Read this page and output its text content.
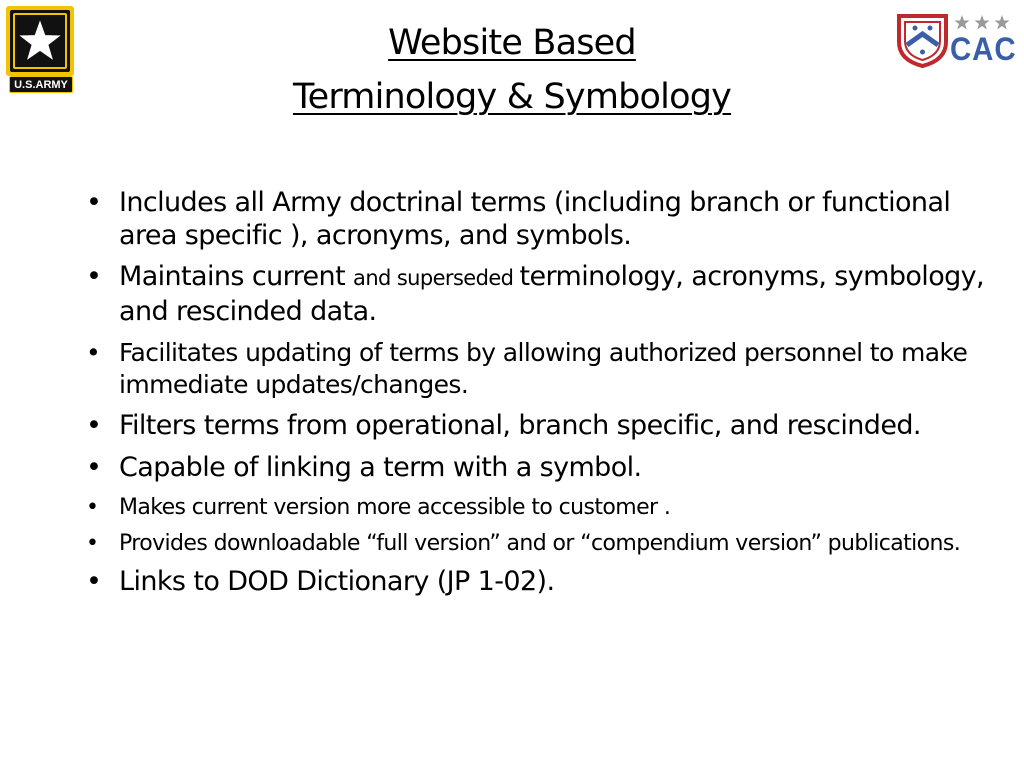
U.S.ARMY
CAC
Website Based
Terminology & Symbology
• Includes all Army doctrinal terms (including branch or functional area specific ), acronyms, and symbols.
• Maintains current and superseded terminology, acronyms, symbology, and rescinded data.
• Facilitates updating of terms by allowing authorized personnel to make immediate updates/changes.
• Filters terms from operational, branch specific, and rescinded.
• Capable of linking a term with a symbol.
• Makes current version more accessible to customer .
• Provides downloadable “full version” and or “compendium version” publications.
• Links to DOD Dictionary (JP 1-02).
